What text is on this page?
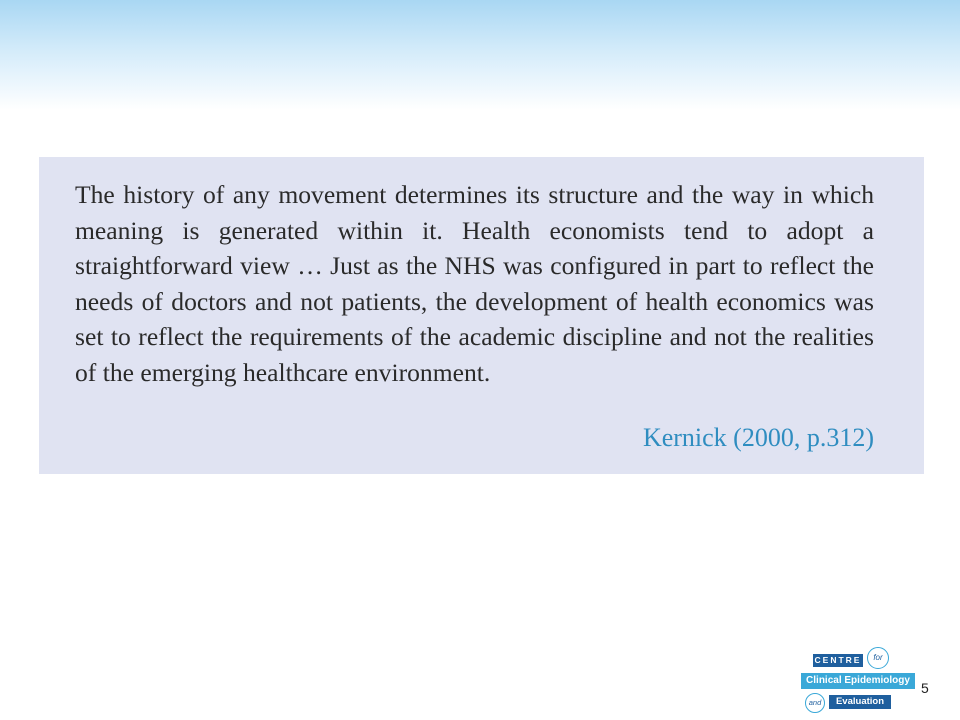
The history of any movement determines its structure and the way in which meaning is generated within it. Health economists tend to adopt a straightforward view … Just as the NHS was configured in part to reflect the needs of doctors and not patients, the development of health economics was set to reflect the requirements of the academic discipline and not the realities of the emerging healthcare environment.

Kernick (2000, p.312)
CENTRE	for
Clinical Epidemiology
and	Evaluation
5
